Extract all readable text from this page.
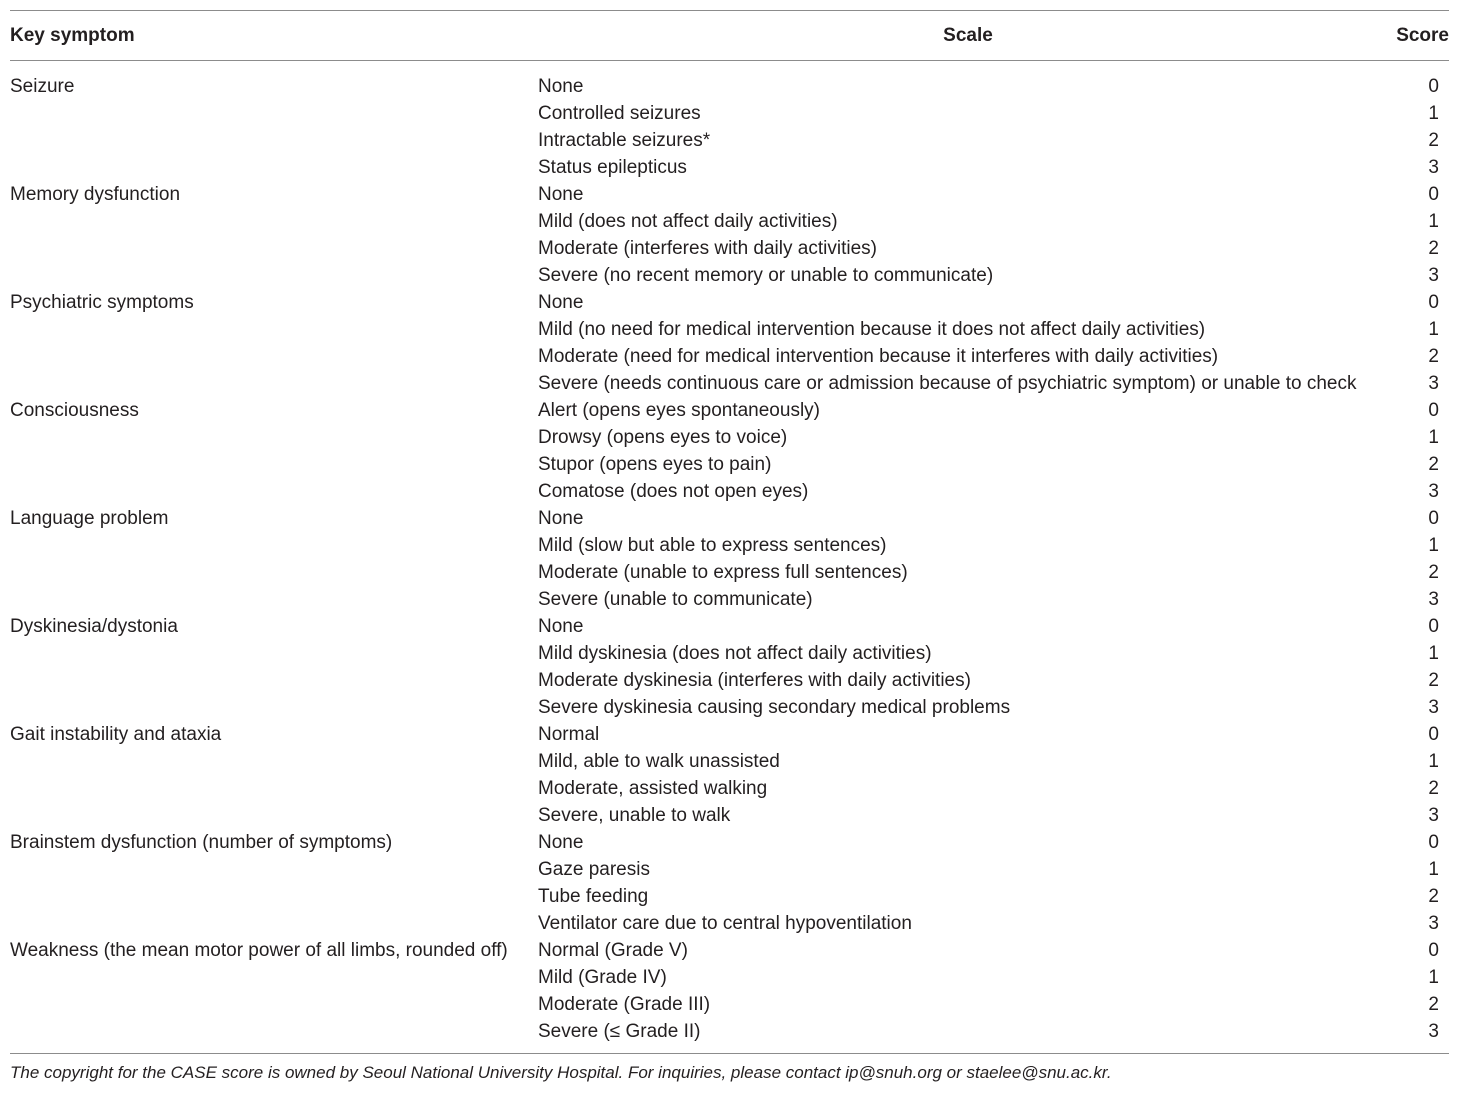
Key symptom	Scale	Score
Seizure	None	0
	Controlled seizures	1
	Intractable seizures*	2
	Status epilepticus	3
Memory dysfunction	None	0
	Mild (does not affect daily activities)	1
	Moderate (interferes with daily activities)	2
	Severe (no recent memory or unable to communicate)	3
Psychiatric symptoms	None	0
	Mild (no need for medical intervention because it does not affect daily activities)	1
	Moderate (need for medical intervention because it interferes with daily activities)	2
	Severe (needs continuous care or admission because of psychiatric symptom) or unable to check	3
Consciousness	Alert (opens eyes spontaneously)	0
	Drowsy (opens eyes to voice)	1
	Stupor (opens eyes to pain)	2
	Comatose (does not open eyes)	3
Language problem	None	0
	Mild (slow but able to express sentences)	1
	Moderate (unable to express full sentences)	2
	Severe (unable to communicate)	3
Dyskinesia/dystonia	None	0
	Mild dyskinesia (does not affect daily activities)	1
	Moderate dyskinesia (interferes with daily activities)	2
	Severe dyskinesia causing secondary medical problems	3
Gait instability and ataxia	Normal	0
	Mild, able to walk unassisted	1
	Moderate, assisted walking	2
	Severe, unable to walk	3
Brainstem dysfunction (number of symptoms)	None	0
	Gaze paresis	1
	Tube feeding	2
	Ventilator care due to central hypoventilation	3
Weakness (the mean motor power of all limbs, rounded off)	Normal (Grade V)	0
	Mild (Grade IV)	1
	Moderate (Grade III)	2
	Severe (≤ Grade II)	3
The copyright for the CASE score is owned by Seoul National University Hospital. For inquiries, please contact ip@snuh.org or staelee@snu.ac.kr.
